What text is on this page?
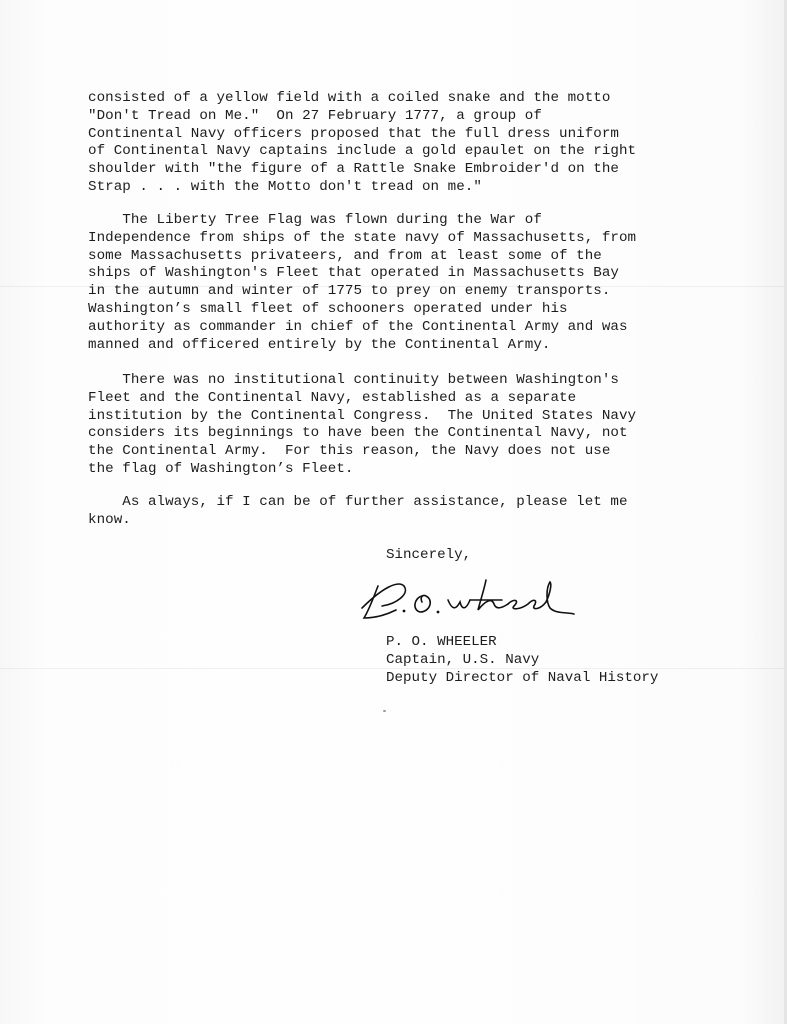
consisted of a yellow field with a coiled snake and the motto
"Don't Tread on Me."  On 27 February 1777, a group of
Continental Navy officers proposed that the full dress uniform
of Continental Navy captains include a gold epaulet on the right
shoulder with "the figure of a Rattle Snake Embroider'd on the
Strap . . . with the Motto don't tread on me."

The Liberty Tree Flag was flown during the War of
Independence from ships of the state navy of Massachusetts, from
some Massachusetts privateers, and from at least some of the
ships of Washington's Fleet that operated in Massachusetts Bay
in the autumn and winter of 1775 to prey on enemy transports.
Washington’s small fleet of schooners operated under his
authority as commander in chief of the Continental Army and was
manned and officered entirely by the Continental Army.

There was no institutional continuity between Washington's
Fleet and the Continental Navy, established as a separate
institution by the Continental Congress.  The United States Navy
considers its beginnings to have been the Continental Navy, not
the Continental Army.  For this reason, the Navy does not use
the flag of Washington’s Fleet.

As always, if I can be of further assistance, please let me
know.

Sincerely,

P. O. WHEELER
Captain, U.S. Navy
Deputy Director of Naval History
